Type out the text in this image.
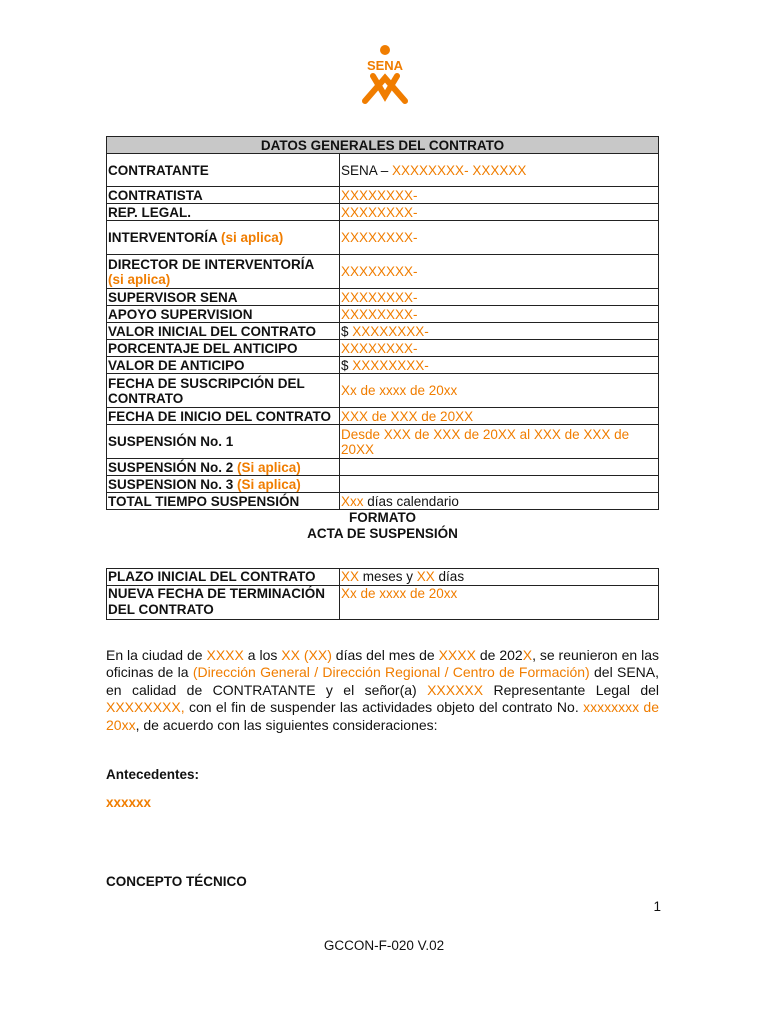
SENA
DATOS GENERALES DEL CONTRATO	
CONTRATANTE	SENA – XXXXXXXX- XXXXXX
CONTRATISTA	XXXXXXXX-
REP. LEGAL.	XXXXXXXX-
INTERVENTORÍA (si aplica)	XXXXXXXX-
DIRECTOR DE INTERVENTORÍA
(si aplica)	XXXXXXXX-
SUPERVISOR SENA	XXXXXXXX-
APOYO SUPERVISION	XXXXXXXX-
VALOR INICIAL DEL CONTRATO	$ XXXXXXXX-
PORCENTAJE DEL ANTICIPO	XXXXXXXX-
VALOR DE ANTICIPO	$ XXXXXXXX-
FECHA DE SUSCRIPCIÓN DEL CONTRATO	Xx de xxxx de 20xx
FECHA DE INICIO DEL CONTRATO	XXX de XXX de 20XX
SUSPENSIÓN No. 1	Desde XXX de XXX de 20XX al XXX de XXX de 20XX
SUSPENSIÓN No. 2 (Si aplica)	
SUSPENSION No. 3 (Si aplica)	
TOTAL TIEMPO SUSPENSIÓN	Xxx días calendario
FORMATO
ACTA DE SUSPENSIÓN
PLAZO INICIAL DEL CONTRATO	XX meses y XX días
NUEVA FECHA DE TERMINACIÓN DEL CONTRATO	Xx de xxxx de 20xx
En la ciudad de XXXX a los XX (XX) días del mes de XXXX de 202X, se reunieron en las oficinas de la (Dirección General / Dirección Regional / Centro de Formación) del SENA, en calidad de CONTRATANTE y el señor(a) XXXXXX Representante Legal del XXXXXXXX, con el fin de suspender las actividades objeto del contrato No. xxxxxxxx de 20xx, de acuerdo con las siguientes consideraciones:
Antecedentes:
xxxxxx
CONCEPTO TÉCNICO
1
GCCON-F-020 V.02
